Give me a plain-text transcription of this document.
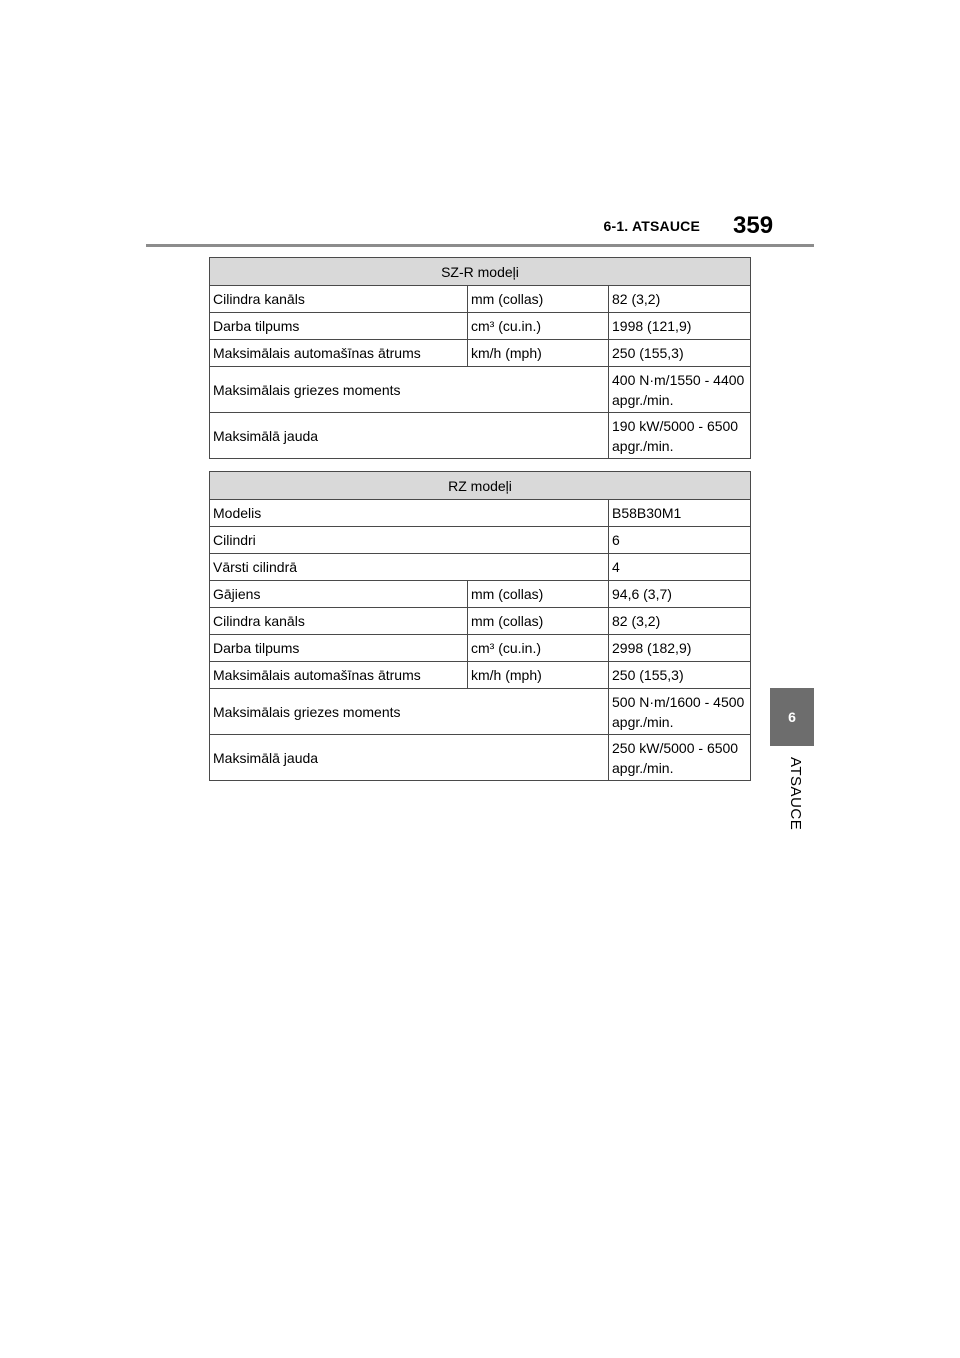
6-1. ATSAUCE 359
6
ATSAUCE
SZ-R modeļi		
Cilindra kanāls	mm (collas)	82 (3,2)
Darba tilpums	cm³ (cu.in.)	1998 (121,9)
Maksimālais automašīnas ātrums	km/h (mph)	250 (155,3)
Maksimālais griezes moments		400 N·m/1550 - 4400 apgr./min.
Maksimālā jauda		190 kW/5000 - 6500 apgr./min.
RZ modeļi		
Modelis		B58B30M1
Cilindri		6
Vārsti cilindrā		4
Gājiens	mm (collas)	94,6 (3,7)
Cilindra kanāls	mm (collas)	82 (3,2)
Darba tilpums	cm³ (cu.in.)	2998 (182,9)
Maksimālais automašīnas ātrums	km/h (mph)	250 (155,3)
Maksimālais griezes moments		500 N·m/1600 - 4500 apgr./min.
Maksimālā jauda		250 kW/5000 - 6500 apgr./min.
